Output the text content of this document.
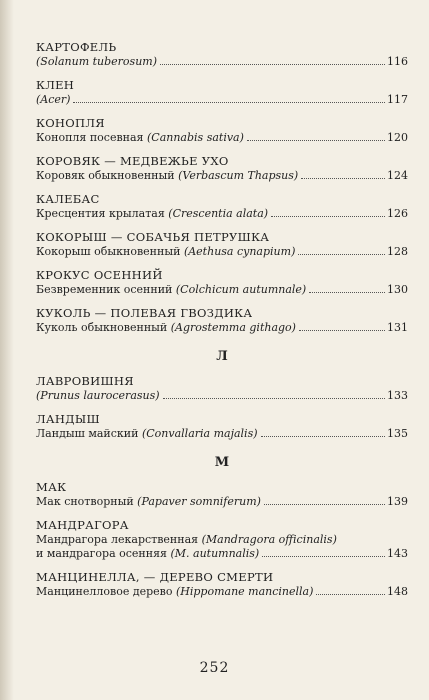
КАРТОФЕЛЬ
(Solanum tuberosum)	116
КЛЕН
(Acer)	117
КОНОПЛЯ
Конопля посевная (Cannabis sativa)	120
КОРОВЯК — МЕДВЕЖЬЕ УХО
Коровяк обыкновенный (Verbascum Thapsus)	124
КАЛЕБАС
Кресцентия крылатая (Crescentia alata)	126
КОКОРЫШ — СОБАЧЬЯ ПЕТРУШКА
Кокорыш обыкновенный (Aethusa cynapium)	128
КРОКУС ОСЕННИЙ
Безвременник осенний (Colchicum autumnale)	130
КУКОЛЬ — ПОЛЕВАЯ ГВОЗДИКА
Куколь обыкновенный (Agrostemma githago)	131
Л
ЛАВРОВИШНЯ
(Prunus laurocerasus)	133
ЛАНДЫШ
Ландыш майский (Convallaria majalis)	135
М
МАК
Мак снотворный (Papaver somniferum)	139
МАНДРАГОРА
Мандрагора лекарственная (Mandragora officinalis)
и мандрагора осенняя (M. autumnalis)	143
МАНЦИНЕЛЛА, — ДЕРЕВО СМЕРТИ
Манцинелловое дерево (Hippomane mancinella)	148
252
